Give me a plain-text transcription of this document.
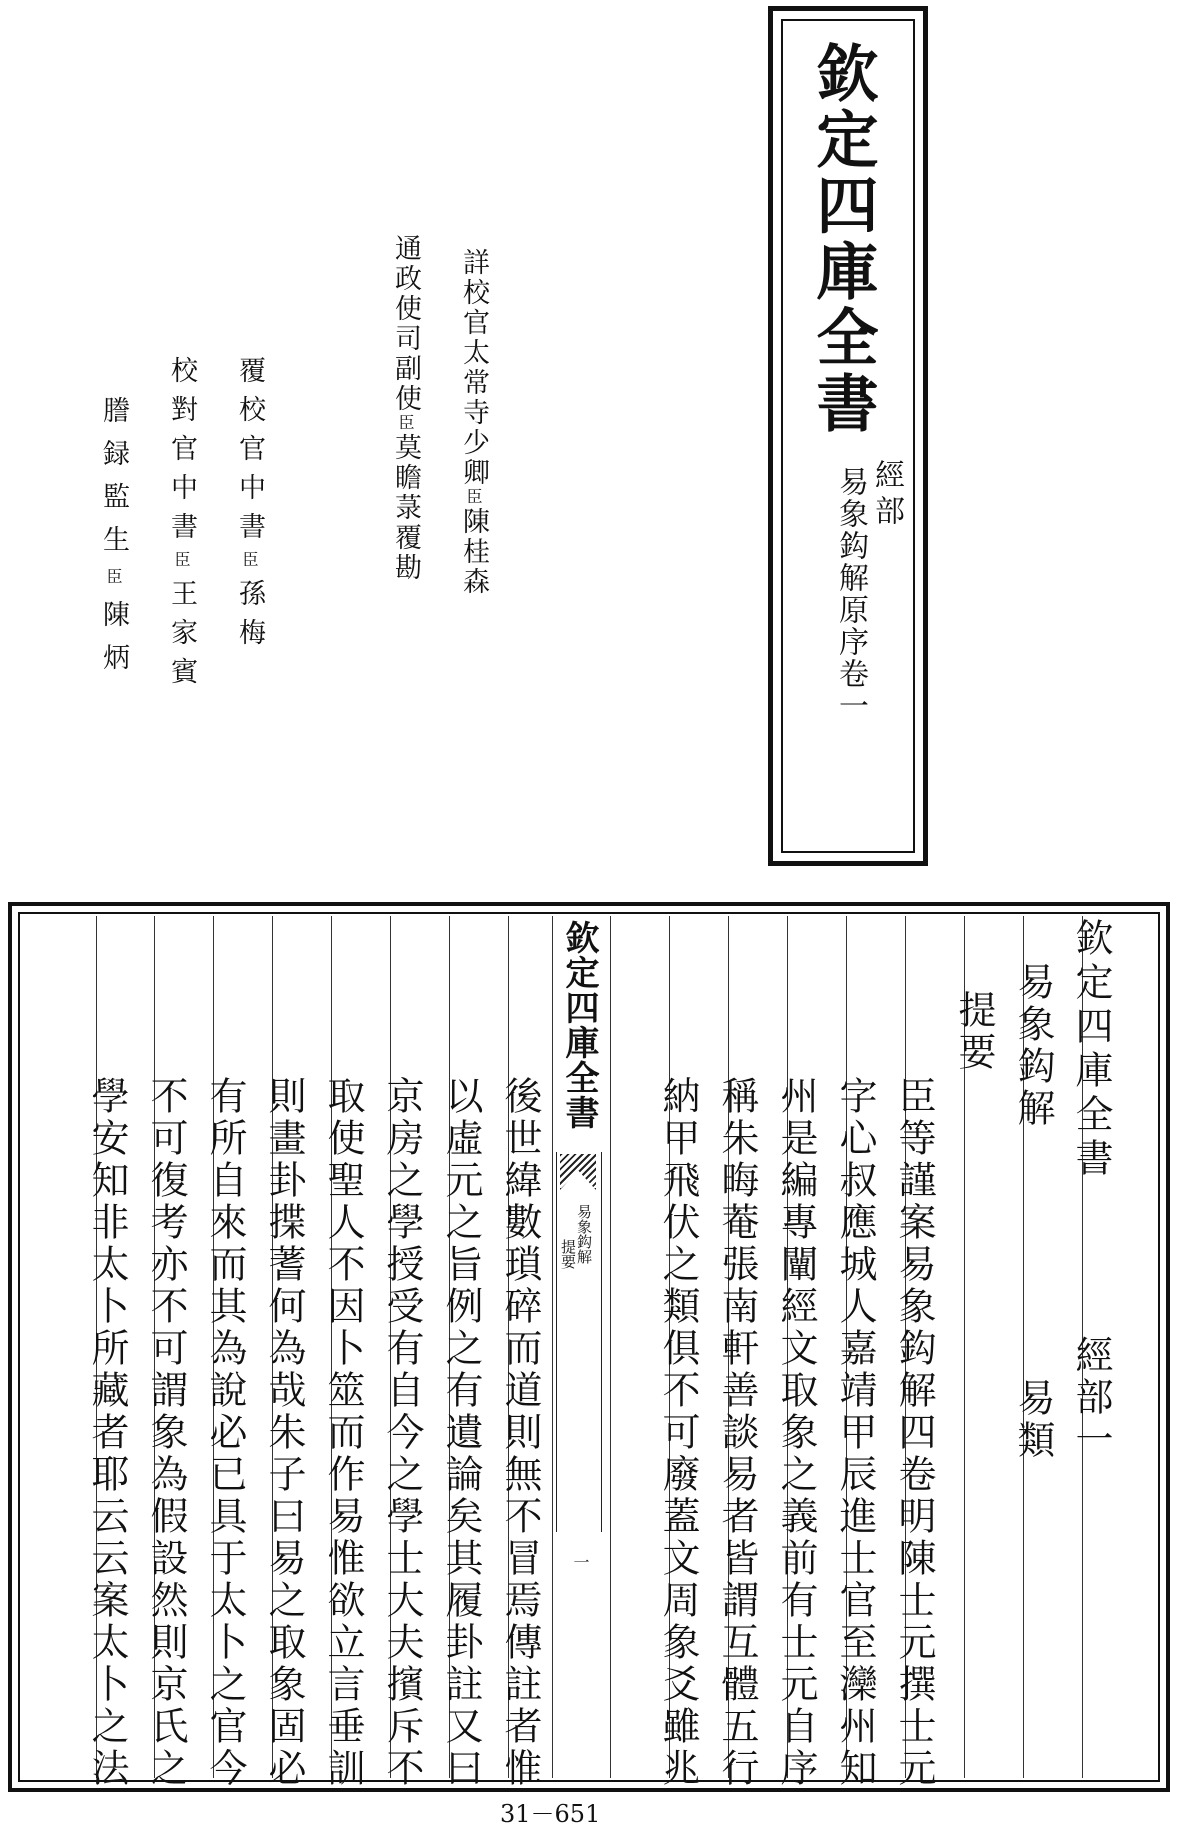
欽定四庫全書
經部
易象鈎解原序卷一
詳校官太常寺少卿臣陳桂森
通政使司副使臣莫瞻菉覆勘
覆校官中書臣孫梅
校對官中書臣王家賓
謄録監生臣陳炳
欽定四庫全書
經部一
易象鈎解
易類
提要
臣等謹案易象鈎解四卷明陳士元撰士元
字心叔應城人嘉靖甲辰進士官至灤州知
州是編專闡經文取象之義前有士元自序
稱朱晦菴張南軒善談易者皆謂互體五行
納甲飛伏之類俱不可廢蓋文周象爻雖兆
後世緯數瑣碎而道則無不冒焉傳註者惟
以虛元之旨例之有遺論矣其履卦註又曰
京房之學授受有自今之學士大夫擯斥不
取使聖人不因卜筮而作易惟欲立言垂訓
則畫卦揲蓍何為哉朱子曰易之取象固必
有所自來而其為說必已具于太卜之官今
不可復考亦不可謂象為假設然則京氏之
學安知非太卜所藏者耶云云案太卜之法
欽定四庫全書
易象鈎解
提要
一
31－651
